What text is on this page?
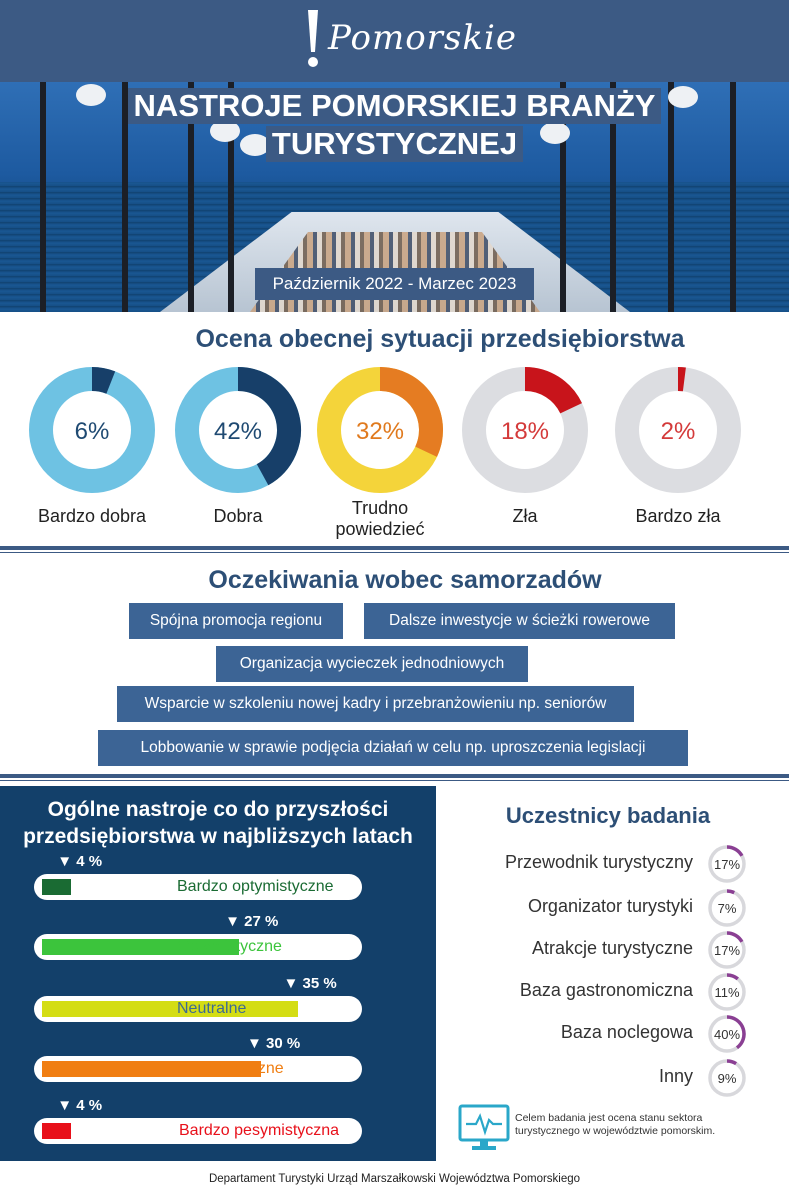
Pomorskie
NASTROJE POMORSKIEJ BRANŻY
TURYSTYCZNEJ
Październik 2022 - Marzec 2023
Ocena obecnej sytuacji przedsiębiorstwa
6%
Bardzo dobra
42%
Dobra
32%
Trudno
powiedzieć
18%
Zła
2%
Bardzo zła
Oczekiwania wobec samorzadów
Spójna promocja regionu	Dalsze inwestycje w ścieżki rowerowe
Organizacja wycieczek jednodniowych
Wsparcie w szkoleniu nowej kadry i przebranżowieniu np. seniorów
Lobbowanie w sprawie podjęcia działań w celu np. uproszczenia legislacji
Ogólne nastroje co do przyszłości
przedsiębiorstwa w najbliższych latach
Bardzo optymistyczne
▼ 4 %
Optymistyczne
▼ 27 %
Neutralne
▼ 35 %
Pesymistyczne
▼ 30 %
Bardzo pesymistyczna
▼ 4 %
Uczestnicy badania
Przewodnik turystyczny 17%
Organizator turystyki 7%
Atrakcje turystyczne 17%
Baza gastronomiczna 11%
Baza noclegowa 40%
Inny 9%
Celem badania jest ocena stanu sektora turystycznego w województwie pomorskim.
Departament Turystyki Urząd Marszałkowski Województwa Pomorskiego
